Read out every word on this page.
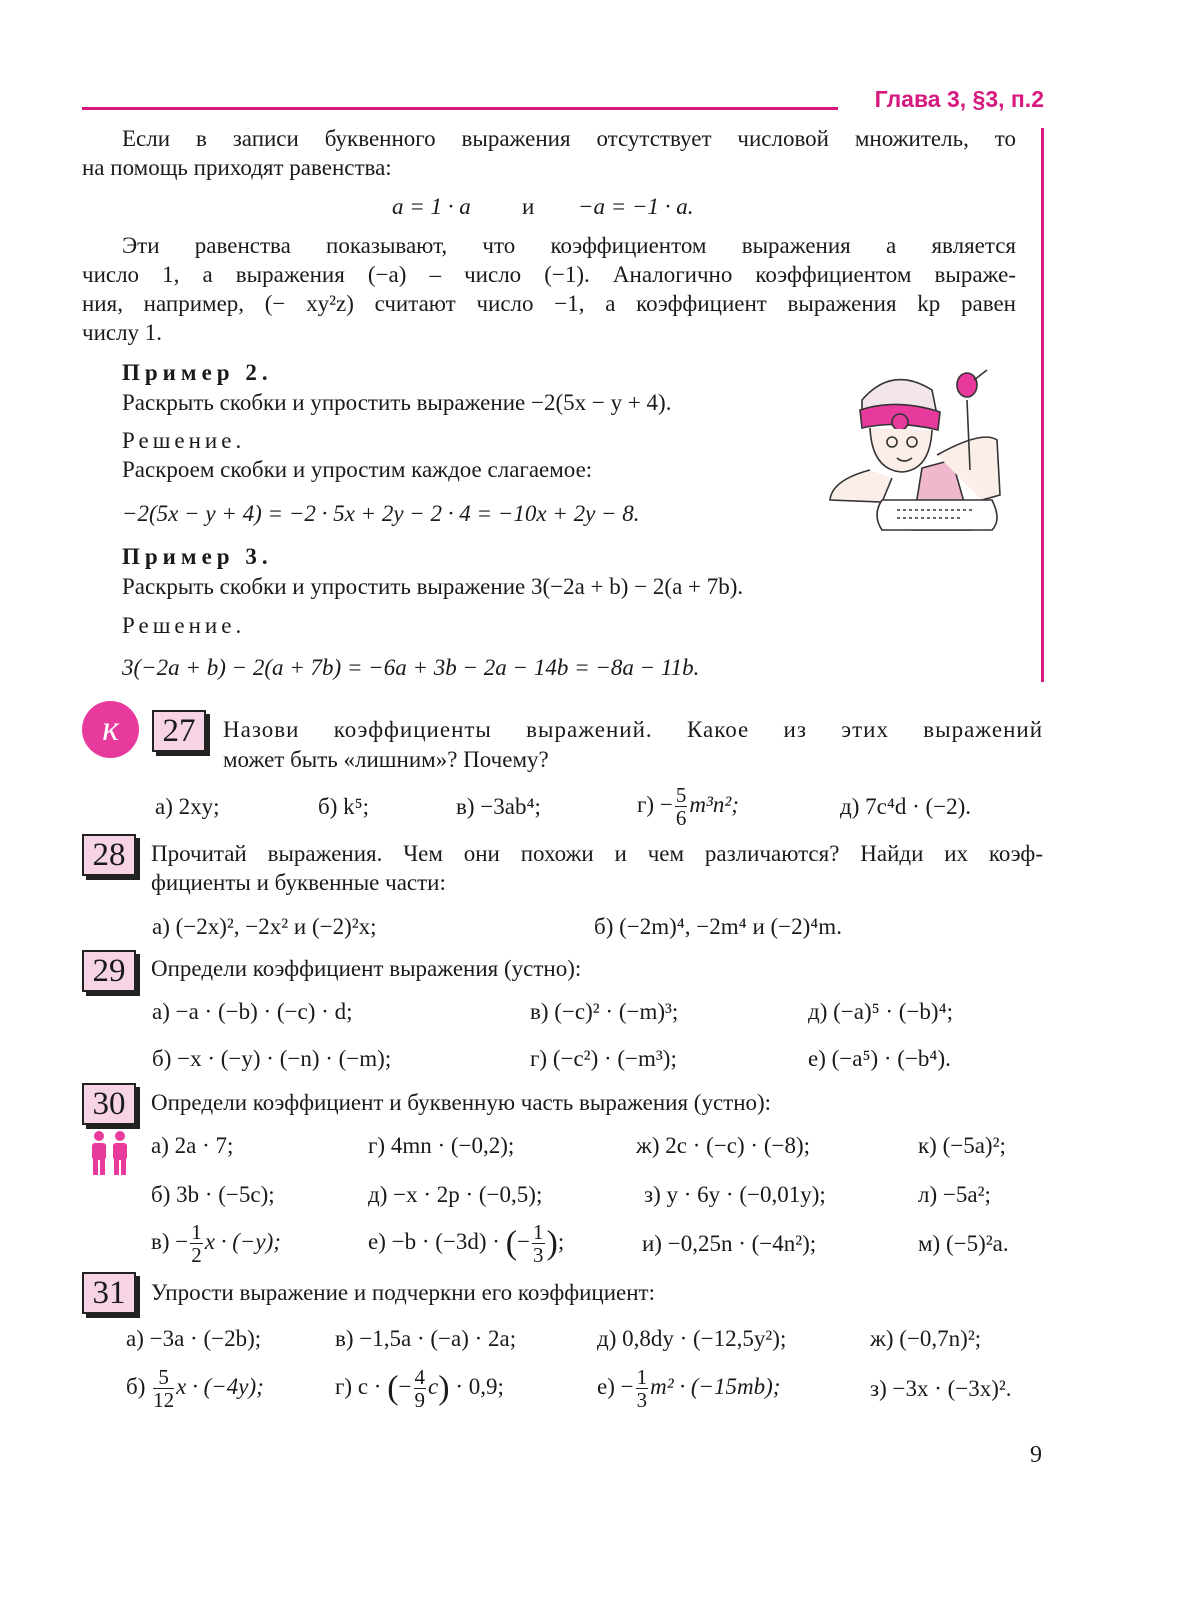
Глава 3, §3, п.2
Если в записи буквенного выражения отсутствует числовой множитель, то
на помощь приходят равенства:
a = 1 · a и −a = −1 · a.
Эти равенства показывают, что коэффициентом выражения a является
число 1, а выражения (−a) – число (−1). Аналогично коэффициентом выраже-
ния, например, (− xy²z) считают число −1, а коэффициент выражения kp равен
числу 1.
Пример 2.
Раскрыть скобки и упростить выражение −2(5x − y + 4).
Решение.
Раскроем скобки и упростим каждое слагаемое:
−2(5x − y + 4) = −2 · 5x + 2y − 2 · 4 = −10x + 2y − 8.
Пример 3.
Раскрыть скобки и упростить выражение 3(−2a + b) − 2(a + 7b).
Решение.
3(−2a + b) − 2(a + 7b) = −6a + 3b − 2a − 14b = −8a − 11b.
к	27	Назови коэффициенты выражений. Какое из этих выражений
может быть «лишним»? Почему?
а) 2xy;	б) k⁵;	в) −3ab⁴;	$г) - \frac{5}{6} m^3n^2$;	д) 7c⁴d · (−2).
28	Прочитай выражения. Чем они похожи и чем различаются? Найди их коэф-
фициенты и буквенные части:
а) (−2x)², −2x² и (−2)²x;	б) (−2m)⁴, −2m⁴ и (−2)⁴m.
29	Определи коэффициент выражения (устно):
а) −a · (−b) · (−c) · d;	в) (−c)² · (−m)³;	д) (−a)⁵ · (−b)⁴;
б) −x · (−y) · (−n) · (−m);	г) (−c²) · (−m³);	е) (−a⁵) · (−b⁴).
30	Определи коэффициент и буквенную часть выражения (устно):
а) 2a · 7;	г) 4mn · (−0,2);	ж) 2c · (−c) · (−8);	к) (−5a)²;
б) 3b · (−5c);	д) −x · 2p · (−0,5);	з) y · 6y · (−0,01y);	л) −5a²;
$в) - \frac{1}{2}$ x · (−y);	е) −b · (−3d) · (− $\frac{1}{3}$ );	и) −0,25n · (−4n²);	м) (−5)²a.
31	Упрости выражение и подчеркни его коэффициент:
а) −3a · (−2b);	в) −1,5a · (−a) · 2a;	д) 0,8dy · (−12,5y²);	ж) (−0,7n)²;
$б) \frac{5}{12}$ x · (−4y);	г) c · (− $\frac{4}{9} c) \cdot 0,9$;	$е) - \frac{1}{3} m^2 \cdot (-15mb)$;	з) −3x · (−3x)².
9
